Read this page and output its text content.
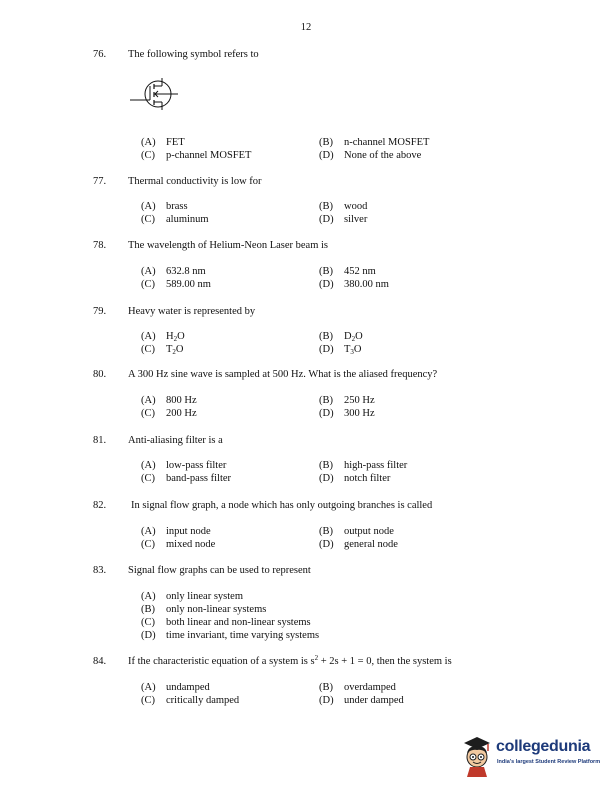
12
76. The following symbol refers to
(A) FET	(B) n-channel MOSFET
(C) p-channel MOSFET	(D) None of the above
77. Thermal conductivity is low for
(A) brass	(B) wood
(C) aluminum	(D) silver
78. The wavelength of Helium-Neon Laser beam is
(A) 632.8 nm	(B) 452 nm
(C) 589.00 nm	(D) 380.00 nm
79. Heavy water is represented by
(A) $H_2O$	(B) $D_2O$
(C) $T_2O$	(D) $T_3O$
80. A 300 Hz sine wave is sampled at 500 Hz. What is the aliased frequency?
(A) 800 Hz	(B) 250 Hz
(C) 200 Hz	(D) 300 Hz
81. Anti-aliasing filter is a
(A) low-pass filter	(B) high-pass filter
(C) band-pass filter	(D) notch filter
82. In signal flow graph, a node which has only outgoing branches is called
(A) input node	(B) output node
(C) mixed node	(D) general node
83. Signal flow graphs can be used to represent
(A) only linear system
(B) only non-linear systems
(C) both linear and non-linear systems
(D) time invariant, time varying systems
84. If the characteristic equation of a system is $s^2 + 2s + 1 = 0$, then the system is
(A) undamped	(B) overdamped
(C) critically damped	(D) under damped
collegedunia
India's largest Student Review Platform
